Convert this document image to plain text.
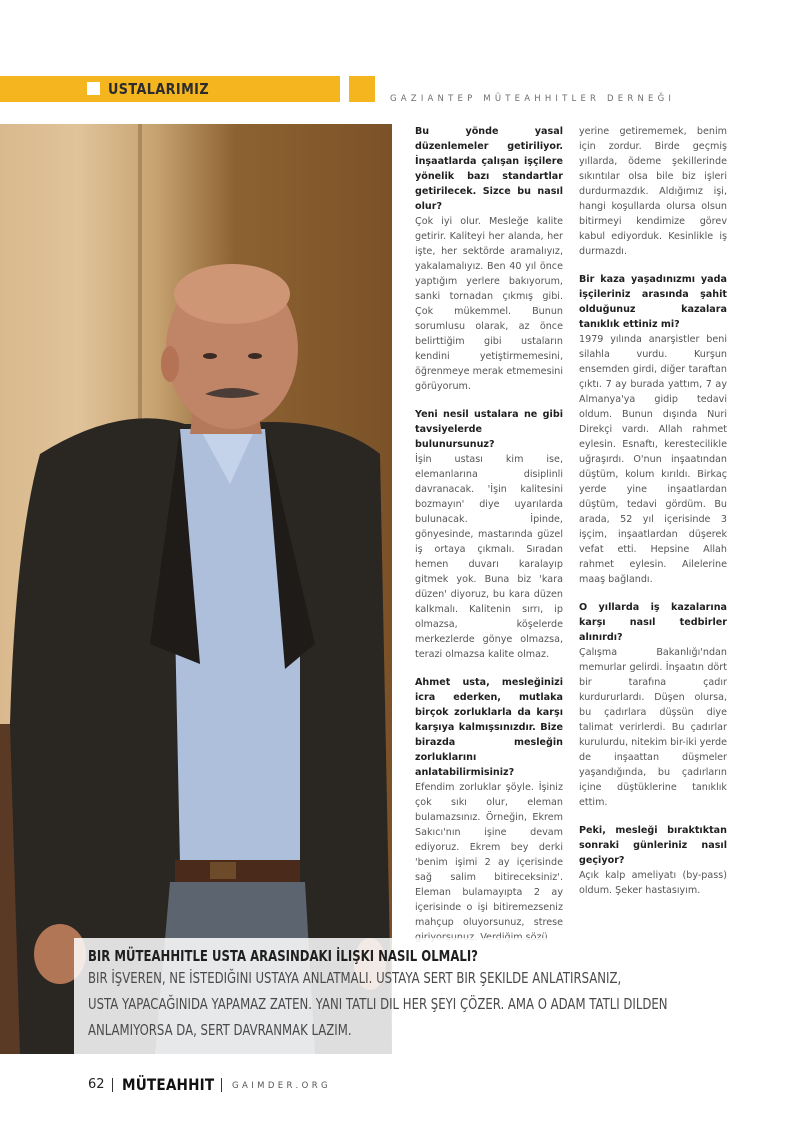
USTALARIMIZ
GAZIANTEP MÜTEAHHITLER DERNEĞI

Bu yönde yasal düzenlemeler getiriliyor. İnşaatlarda çalışan işçilere yönelik bazı standartlar getirilecek. Sizce bu nasıl olur?

Çok iyi olur. Mesleğe kalite getirir. Kaliteyi her alanda, her işte, her sektörde aramalıyız, yakalamalıyız. Ben 40 yıl önce yaptığım yerlere bakıyorum, sanki tornadan çıkmış gibi. Çok mükemmel. Bunun sorumlusu olarak, az önce belirttiğim gibi ustaların kendini yetiştirmemesini, öğrenmeye merak etmemesini görüyorum.

Yeni nesil ustalara ne gibi tavsiyelerde bulunursunuz?

İşin ustası kim ise, elemanlarına disiplinli davranacak. 'İşin kalitesini bozmayın' diye uyarılarda bulunacak. İpinde, gönyesinde, mastarında güzel iş ortaya çıkmalı. Sıradan hemen duvarı karalayıp gitmek yok. Buna biz 'kara düzen' diyoruz, bu kara düzen kalkmalı. Kalitenin sırrı, ip olmazsa, köşelerde merkezlerde gönye olmazsa, terazi olmazsa kalite olmaz.

Ahmet usta, mesleğinizi icra ederken, mutlaka birçok zorluklarla da karşı karşıya kalmışsınızdır. Bize birazda mesleğin zorluklarını anlatabilirmisiniz?

Efendim zorluklar şöyle. İşiniz çok sıkı olur, eleman bulamazsınız. Örneğin, Ekrem Sakıcı'nın işine devam ediyoruz. Ekrem bey derki 'benim işimi 2 ay içerisinde sağ salim bitireceksiniz'. Eleman bulamayıpta 2 ay içerisinde o işi bitiremezseniz mahçup oluyorsunuz, strese

yerine getirememek, benim için zordur. Birde geçmiş yıllarda, ödeme şekillerinde sıkıntılar olsa bile biz işleri durdurmazdık. Aldığımız işi, hangi koşullarda olursa olsun bitirmeyi kendimize görev kabul ediyorduk. Kesinlikle iş durmazdı.

Bir kaza yaşadınızmı yada işçileriniz arasında şahit olduğunuz kazalara tanıklık ettiniz mi?

1979 yılında anarşistler beni silahla vurdu. Kurşun ensemden girdi, diğer taraftan çıktı. 7 ay burada yattım, 7 ay Almanya'ya gidip tedavi oldum. Bunun dışında Nuri Direkçi vardı. Allah rahmet eylesin. Esnaftı, kerestecilikle uğraşırdı. O'nun inşaatından düştüm, kolum kırıldı. Birkaç yerde yine inşaatlardan düştüm, tedavi gördüm. Bu arada, 52 yıl içerisinde 3 işçim, inşaatlardan düşerek vefat etti. Hepsine Allah rahmet eylesin. Ailelerine maaş bağlandı.

O yıllarda iş kazalarına karşı nasıl tedbirler alınırdı?

Çalışma Bakanlığı'ndan memurlar gelirdi. İnşaatın dört bir tarafına çadır kurdururlardı. Düşen olursa, bu çadırlara düşsün diye talimat verirlerdi. Bu çadırlar kurulurdu, nitekim bir-iki yerde de inşaattan düşmeler yaşandığında, bu çadırların içine düştüklerine tanıklık ettim.

Peki, mesleği bıraktıktan sonraki günleriniz nasıl geçiyor?

Açık kalp ameliyatı (by-pass) oldum. Şeker hastasıyım.

BIR MÜTEAHHITLE USTA ARASINDAKI İLIŞKI NASIL OLMALI?
BIR İŞVEREN, NE İSTEDIĞINI USTAYA ANLATMALI. USTAYA SERT BIR ŞEKILDE ANLATIRSANIZ,
USTA YAPACAĞINIDA YAPAMAZ ZATEN. YANI TATLI DIL HER ŞEYI ÇÖZER. AMA O ADAM TATLI DILDEN
ANLAMIYORSA DA, SERT DAVRANMAK LAZIM.
62 MÜTEAHHIT GAIMDER.ORG
